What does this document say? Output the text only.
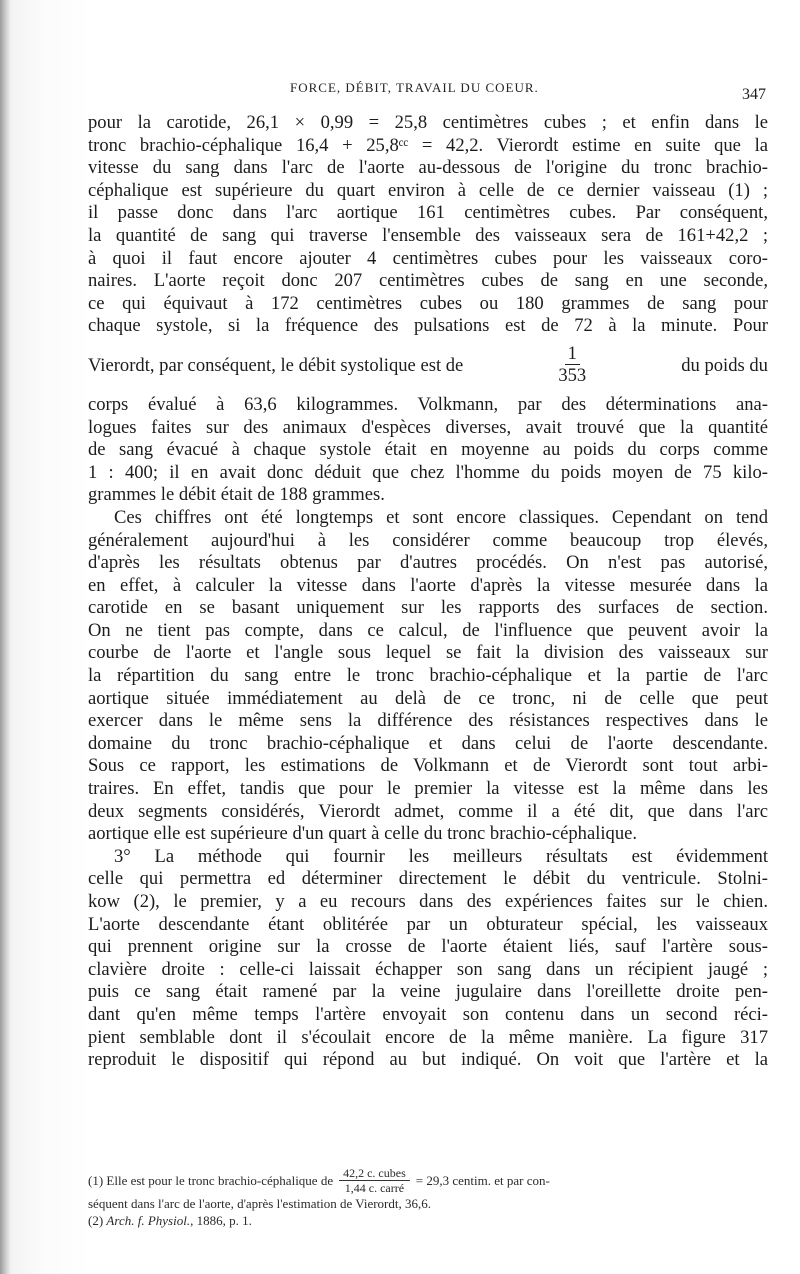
FORCE, DÉBIT, TRAVAIL DU COEUR.	347

pour la carotide, 26,1 × 0,99 = 25,8 centimètres cubes ; et enfin dans le
tronc brachio-céphalique 16,4 + 25,8ᶜᶜ = 42,2. Vierordt estime en suite que la
vitesse du sang dans l'arc de l'aorte au-dessous de l'origine du tronc brachio-
céphalique est supérieure du quart environ à celle de ce dernier vaisseau (1) ;
il passe donc dans l'arc aortique 161 centimètres cubes. Par conséquent,
la quantité de sang qui traverse l'ensemble des vaisseaux sera de 161+42,2 ;
à quoi il faut encore ajouter 4 centimètres cubes pour les vaisseaux coro-
naires. L'aorte reçoit donc 207 centimètres cubes de sang en une seconde,
ce qui équivaut à 172 centimètres cubes ou 180 grammes de sang pour
chaque systole, si la fréquence des pulsations est de 72 à la minute. Pour
Vierordt, par conséquent, le débit systolique est de	$\frac{1}{353}$	du poids du
corps évalué à 63,6 kilogrammes. Volkmann, par des déterminations ana-
logues faites sur des animaux d'espèces diverses, avait trouvé que la quantité
de sang évacué à chaque systole était en moyenne au poids du corps comme
1 : 400; il en avait donc déduit que chez l'homme du poids moyen de 75 kilo-
grammes le débit était de 188 grammes.

Ces chiffres ont été longtemps et sont encore classiques. Cependant on tend
généralement aujourd'hui à les considérer comme beaucoup trop élevés,
d'après les résultats obtenus par d'autres procédés. On n'est pas autorisé,
en effet, à calculer la vitesse dans l'aorte d'après la vitesse mesurée dans la
carotide en se basant uniquement sur les rapports des surfaces de section.
On ne tient pas compte, dans ce calcul, de l'influence que peuvent avoir la
courbe de l'aorte et l'angle sous lequel se fait la division des vaisseaux sur
la répartition du sang entre le tronc brachio-céphalique et la partie de l'arc
aortique située immédiatement au delà de ce tronc, ni de celle que peut
exercer dans le même sens la différence des résistances respectives dans le
domaine du tronc brachio-céphalique et dans celui de l'aorte descendante.
Sous ce rapport, les estimations de Volkmann et de Vierordt sont tout arbi-
traires. En effet, tandis que pour le premier la vitesse est la même dans les
deux segments considérés, Vierordt admet, comme il a été dit, que dans l'arc
aortique elle est supérieure d'un quart à celle du tronc brachio-céphalique.

3° La méthode qui fournir les meilleurs résultats est évidemment
celle qui permettra ed déterminer directement le débit du ventricule. Stolni-
kow (2), le premier, y a eu recours dans des expériences faites sur le chien.
L'aorte descendante étant oblitérée par un obturateur spécial, les vaisseaux
qui prennent origine sur la crosse de l'aorte étaient liés, sauf l'artère sous-
clavière droite : celle-ci laissait échapper son sang dans un récipient jaugé ;
puis ce sang était ramené par la veine jugulaire dans l'oreillette droite pen-
dant qu'en même temps l'artère envoyait son contenu dans un second réci-
pient semblable dont il s'écoulait encore de la même manière. La figure 317
reproduit le dispositif qui répond au but indiqué. On voit que l'artère et la

(1) Elle est pour le tronc brachio-céphalique de $\frac{\text{42,2 c. cubes}}{\text{1,44 c. carré}} = 29,3$ centim. et par con-
séquent dans l'arc de l'aorte, d'après l'estimation de Vierordt, 36,6.
(2) Arch. f. Physiol., 1886, p. 1.
